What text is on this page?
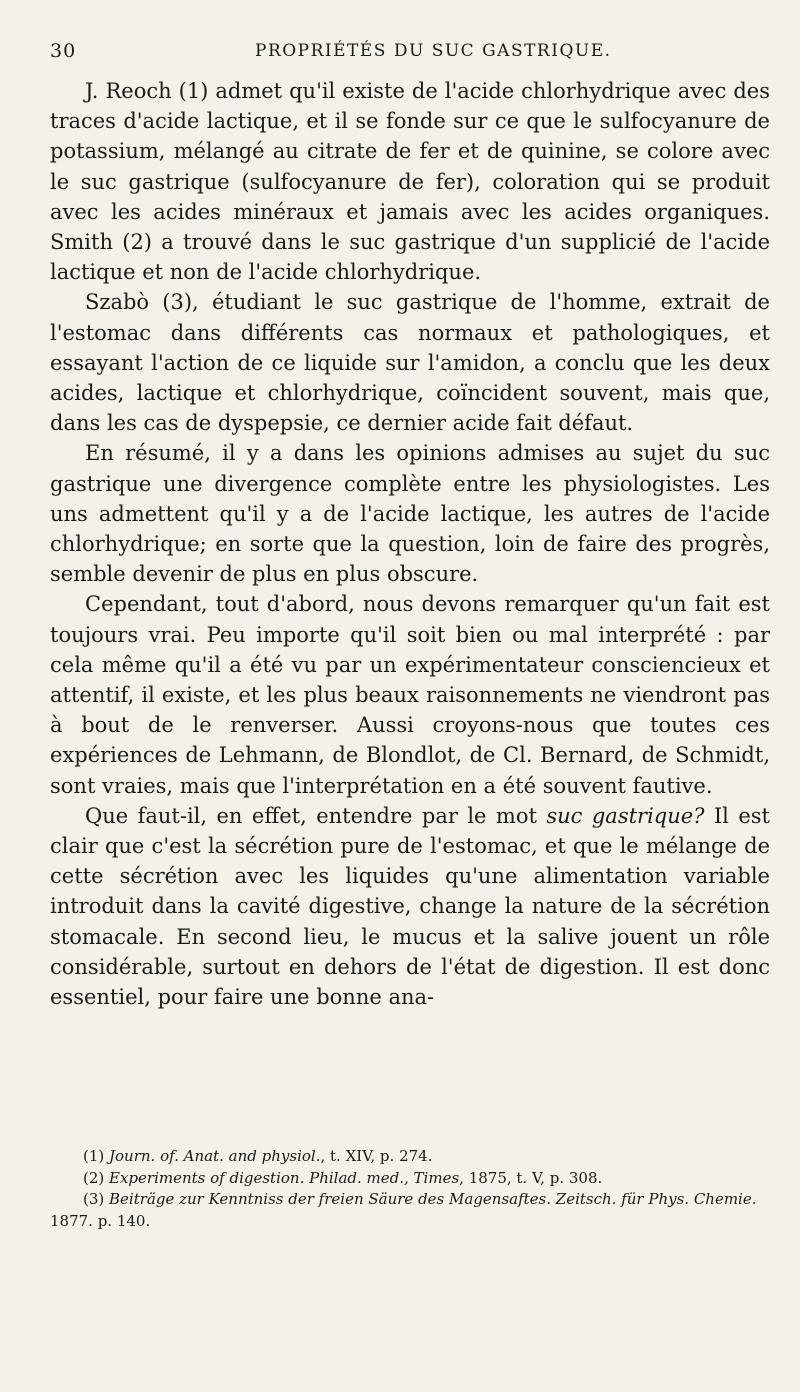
30	PROPRIÉTÉS DU SUC GASTRIQUE.

J. Reoch (1) admet qu'il existe de l'acide chlorhydrique avec des traces d'acide lactique, et il se fonde sur ce que le sulfocyanure de potassium, mélangé au citrate de fer et de quinine, se colore avec le suc gastrique (sulfocyanure de fer), coloration qui se produit avec les acides minéraux et jamais avec les acides organiques. Smith (2) a trouvé dans le suc gastrique d'un supplicié de l'acide lactique et non de l'acide chlorhydrique.

Szabò (3), étudiant le suc gastrique de l'homme, extrait de l'estomac dans différents cas normaux et pathologiques, et essayant l'action de ce liquide sur l'amidon, a conclu que les deux acides, lactique et chlorhydrique, coïncident souvent, mais que, dans les cas de dyspepsie, ce dernier acide fait défaut.

En résumé, il y a dans les opinions admises au sujet du suc gastrique une divergence complète entre les physiologistes. Les uns admettent qu'il y a de l'acide lactique, les autres de l'acide chlorhydrique; en sorte que la question, loin de faire des progrès, semble devenir de plus en plus obscure.

Cependant, tout d'abord, nous devons remarquer qu'un fait est toujours vrai. Peu importe qu'il soit bien ou mal interprété : par cela même qu'il a été vu par un expérimentateur consciencieux et attentif, il existe, et les plus beaux raisonnements ne viendront pas à bout de le renverser. Aussi croyons-nous que toutes ces expériences de Lehmann, de Blondlot, de Cl. Bernard, de Schmidt, sont vraies, mais que l'interprétation en a été souvent fautive.

Que faut-il, en effet, entendre par le mot suc gastrique? Il est clair que c'est la sécrétion pure de l'estomac, et que le mélange de cette sécrétion avec les liquides qu'une alimentation variable introduit dans la cavité digestive, change la nature de la sécrétion stomacale. En second lieu, le mucus et la salive jouent un rôle considérable, surtout en dehors de l'état de digestion. Il est donc essentiel, pour faire une bonne ana-

(1) Journ. of. Anat. and physiol., t. XIV, p. 274.

(2) Experiments of digestion. Philad. med., Times, 1875, t. V, p. 308.

(3) Beiträge zur Kenntniss der freien Säure des Magensaftes. Zeitsch. für Phys. Chemie. 1877. p. 140.
